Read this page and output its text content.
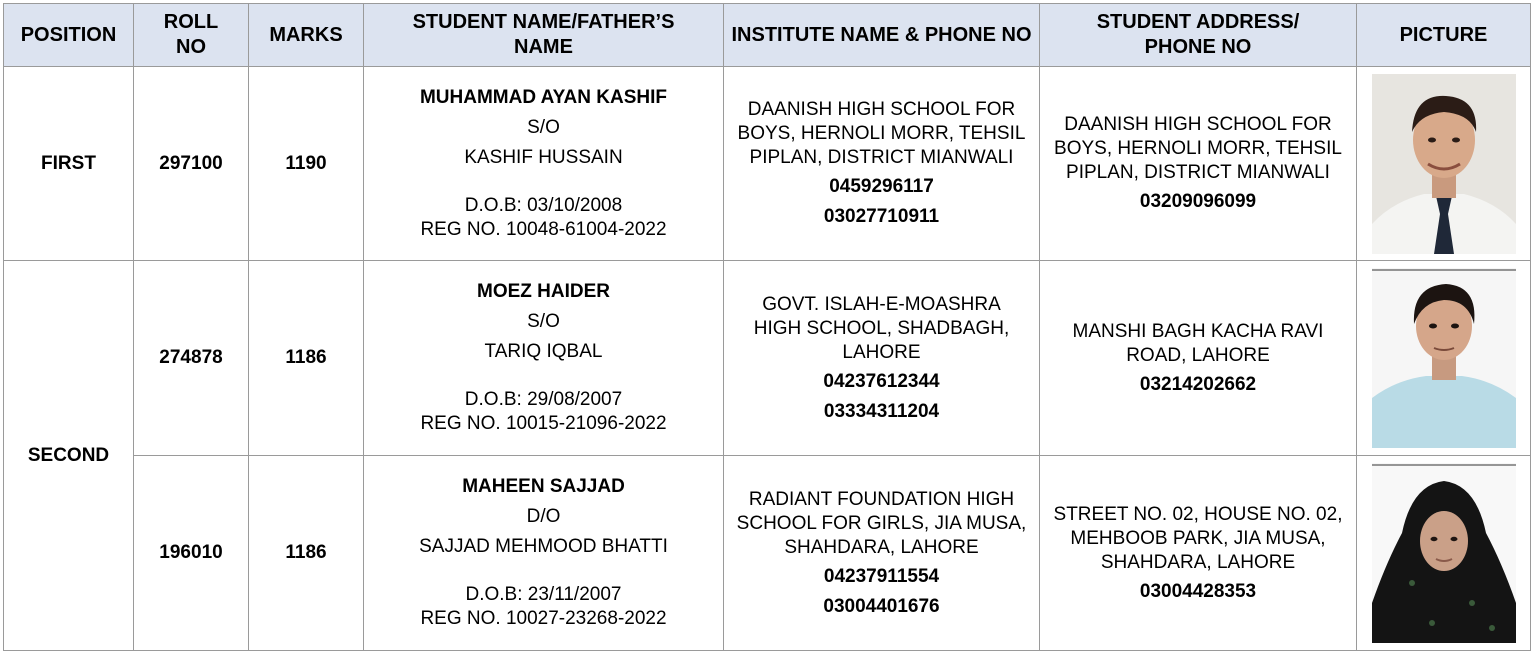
POSITION	ROLL NO	MARKS	STUDENT NAME/FATHER’S NAME	INSTITUTE NAME & PHONE NO	STUDENT ADDRESS/ PHONE NO	PICTURE
FIRST	297100	1190	MUHAMMAD AYAN KASHIF
S/O
KASHIF HUSSAIN
D.O.B: 03/10/2008
REG NO. 10048-61004-2022	DAANISH HIGH SCHOOL FOR BOYS, HERNOLI MORR, TEHSIL PIPLAN, DISTRICT MIANWALI
0459296117
03027710911	DAANISH HIGH SCHOOL FOR BOYS, HERNOLI MORR, TEHSIL PIPLAN, DISTRICT MIANWALI
03209096099

SECOND	274878	1186	MOEZ HAIDER
S/O
TARIQ IQBAL
D.O.B: 29/08/2007
REG NO. 10015-21096-2022	GOVT. ISLAH-E-MOASHRA HIGH SCHOOL, SHADBAGH, LAHORE
04237612344
03334311204	MANSHI BAGH KACHA RAVI ROAD, LAHORE
03214202662

	196010	1186	MAHEEN SAJJAD
D/O
SAJJAD MEHMOOD BHATTI
D.O.B: 23/11/2007
REG NO. 10027-23268-2022	RADIANT FOUNDATION HIGH SCHOOL FOR GIRLS, JIA MUSA, SHAHDARA, LAHORE
04237911554
03004401676	STREET NO. 02, HOUSE NO. 02, MEHBOOB PARK, JIA MUSA, SHAHDARA, LAHORE
03004428353
